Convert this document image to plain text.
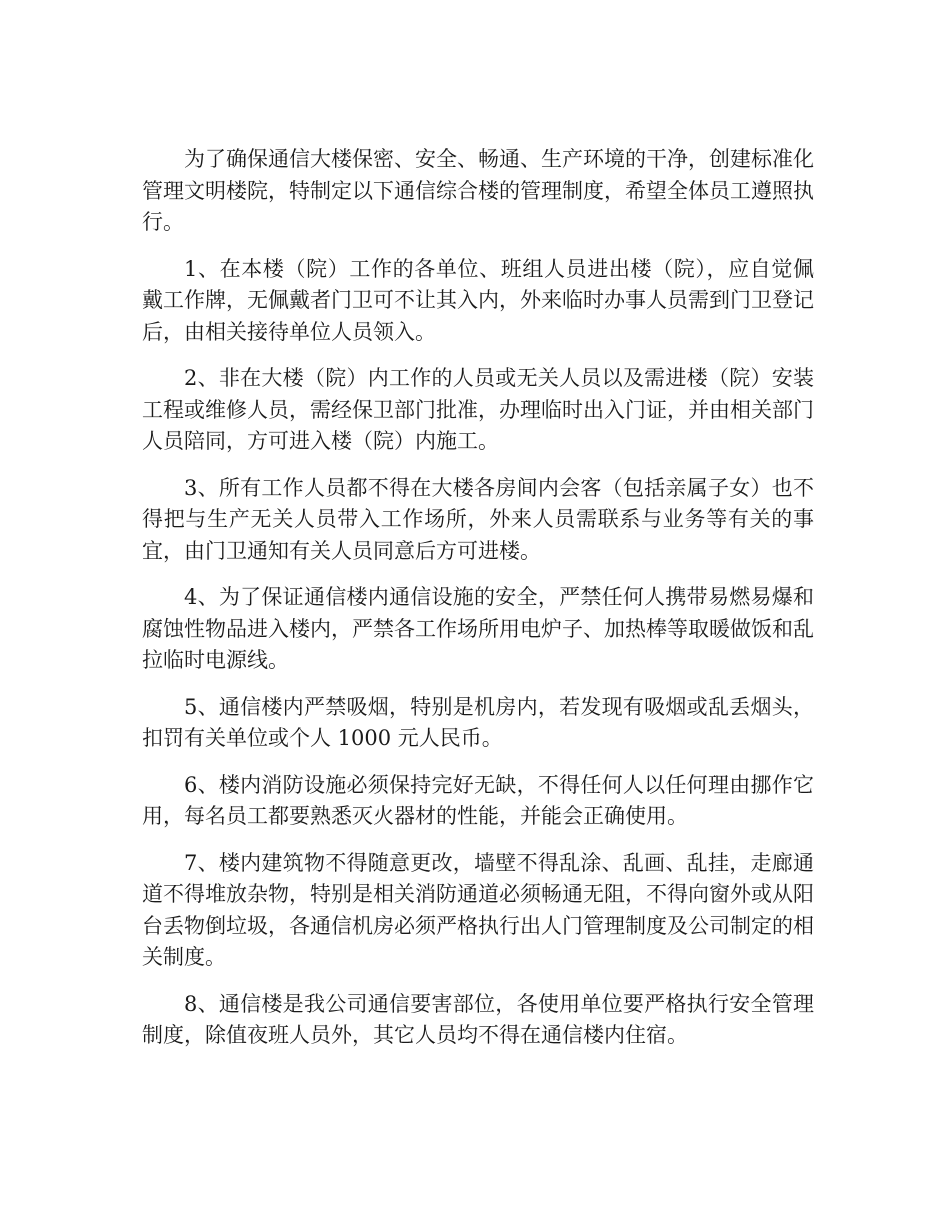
为了确保通信大楼保密、安全、畅通、生产环境的干净，创建标准化管理文明楼院，特制定以下通信综合楼的管理制度，希望全体员工遵照执行。

1、在本楼（院）工作的各单位、班组人员进出楼（院），应自觉佩戴工作牌，无佩戴者门卫可不让其入内，外来临时办事人员需到门卫登记后，由相关接待单位人员领入。

2、非在大楼（院）内工作的人员或无关人员以及需进楼（院）安装工程或维修人员，需经保卫部门批准，办理临时出入门证，并由相关部门人员陪同，方可进入楼（院）内施工。

3、所有工作人员都不得在大楼各房间内会客（包括亲属子女）也不得把与生产无关人员带入工作场所，外来人员需联系与业务等有关的事宜，由门卫通知有关人员同意后方可进楼。

4、为了保证通信楼内通信设施的安全，严禁任何人携带易燃易爆和腐蚀性物品进入楼内，严禁各工作场所用电炉子、加热棒等取暖做饭和乱拉临时电源线。

5、通信楼内严禁吸烟，特别是机房内，若发现有吸烟或乱丢烟头，扣罚有关单位或个人 1000 元人民币。

6、楼内消防设施必须保持完好无缺，不得任何人以任何理由挪作它用，每名员工都要熟悉灭火器材的性能，并能会正确使用。

7、楼内建筑物不得随意更改，墙壁不得乱涂、乱画、乱挂，走廊通道不得堆放杂物，特别是相关消防通道必须畅通无阻，不得向窗外或从阳台丢物倒垃圾，各通信机房必须严格执行出人门管理制度及公司制定的相关制度。

8、通信楼是我公司通信要害部位，各使用单位要严格执行安全管理制度，除值夜班人员外，其它人员均不得在通信楼内住宿。
